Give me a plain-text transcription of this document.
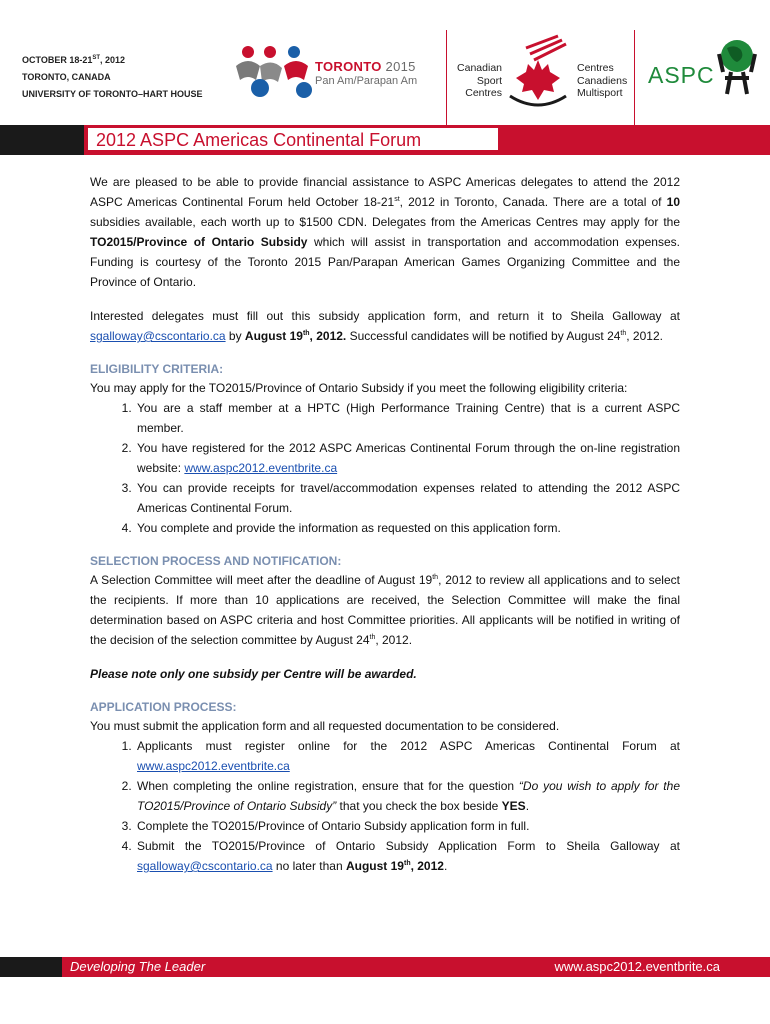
OCTOBER 18-21ST, 2012
TORONTO, CANADA
UNIVERSITY OF TORONTO–HART HOUSE
TORONTO 2015
Pan Am/Parapan Am
Canadian
Sport
Centres
Centres
Canadiens
Multisport
ASPC
2012 ASPC Americas Continental Forum

We are pleased to be able to provide financial assistance to ASPC Americas delegates to attend the 2012 ASPC Americas Continental Forum held October 18-21st, 2012 in Toronto, Canada. There are a total of 10 subsidies available, each worth up to $1500 CDN. Delegates from the Americas Centres may apply for the TO2015/Province of Ontario Subsidy which will assist in transportation and accommodation expenses. Funding is courtesy of the Toronto 2015 Pan/Parapan American Games Organizing Committee and the Province of Ontario.

Interested delegates must fill out this subsidy application form, and return it to Sheila Galloway at sgalloway@cscontario.ca by August 19th, 2012. Successful candidates will be notified by August 24th, 2012.

ELIGIBILITY CRITERIA:

You may apply for the TO2015/Province of Ontario Subsidy if you meet the following eligibility criteria:

1. You are a staff member at a HPTC (High Performance Training Centre) that is a current ASPC member.
2. You have registered for the 2012 ASPC Americas Continental Forum through the on-line registration website: www.aspc2012.eventbrite.ca
3. You can provide receipts for travel/accommodation expenses related to attending the 2012 ASPC Americas Continental Forum.
4. You complete and provide the information as requested on this application form.
SELECTION PROCESS AND NOTIFICATION:

A Selection Committee will meet after the deadline of August 19th, 2012 to review all applications and to select the recipients. If more than 10 applications are received, the Selection Committee will make the final determination based on ASPC criteria and host Committee priorities. All applicants will be notified in writing of the decision of the selection committee by August 24th, 2012.

Please note only one subsidy per Centre will be awarded.

APPLICATION PROCESS:

You must submit the application form and all requested documentation to be considered.

1. Applicants must register online for the 2012 ASPC Americas Continental Forum at www.aspc2012.eventbrite.ca
2. When completing the online registration, ensure that for the question “Do you wish to apply for the TO2015/Province of Ontario Subsidy” that you check the box beside YES.
3. Complete the TO2015/Province of Ontario Subsidy application form in full.
4. Submit the TO2015/Province of Ontario Subsidy Application Form to Sheila Galloway at sgalloway@cscontario.ca no later than August 19th, 2012.
Developing The Leader	www.aspc2012.eventbrite.ca
